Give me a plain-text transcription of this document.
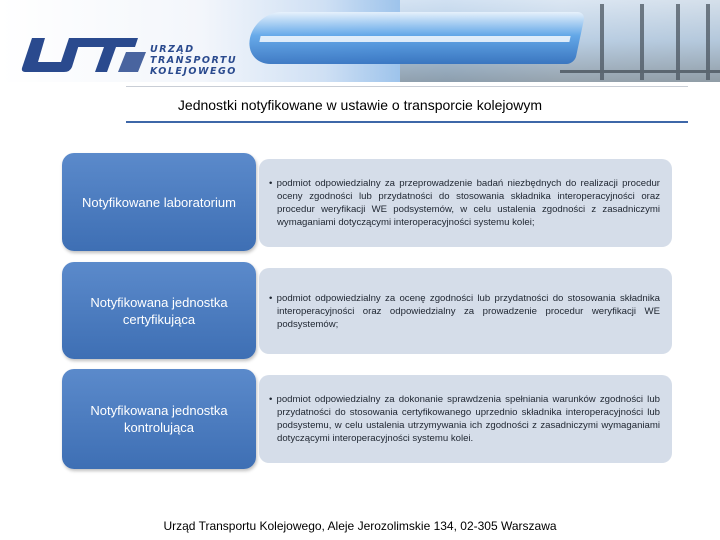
URZĄD
TRANSPORTU
KOLEJOWEGO
Jednostki notyfikowane w ustawie o transporcie kolejowym
Notyfikowane laboratorium

• podmiot odpowiedzialny za przeprowadzenie badań niezbędnych do realizacji procedur oceny zgodności lub przydatności do stosowania składnika interoperacyjności oraz procedur weryfikacji WE podsystemów, w celu ustalenia zgodności z zasadniczymi wymaganiami dotyczącymi interoperacyjności systemu kolei;

Notyfikowana jednostka certyfikująca

• podmiot odpowiedzialny za ocenę zgodności lub przydatności do stosowania składnika interoperacyjności oraz odpowiedzialny za prowadzenie procedur weryfikacji WE podsystemów;

Notyfikowana jednostka kontrolująca

• podmiot odpowiedzialny za dokonanie sprawdzenia spełniania warunków zgodności lub przydatności do stosowania certyfikowanego uprzednio składnika interoperacyjności lub podsystemu, w celu ustalenia utrzymywania ich zgodności z zasadniczymi wymaganiami dotyczącymi interoperacyjności systemu kolei.

Urząd Transportu Kolejowego, Aleje Jerozolimskie 134, 02-305 Warszawa
